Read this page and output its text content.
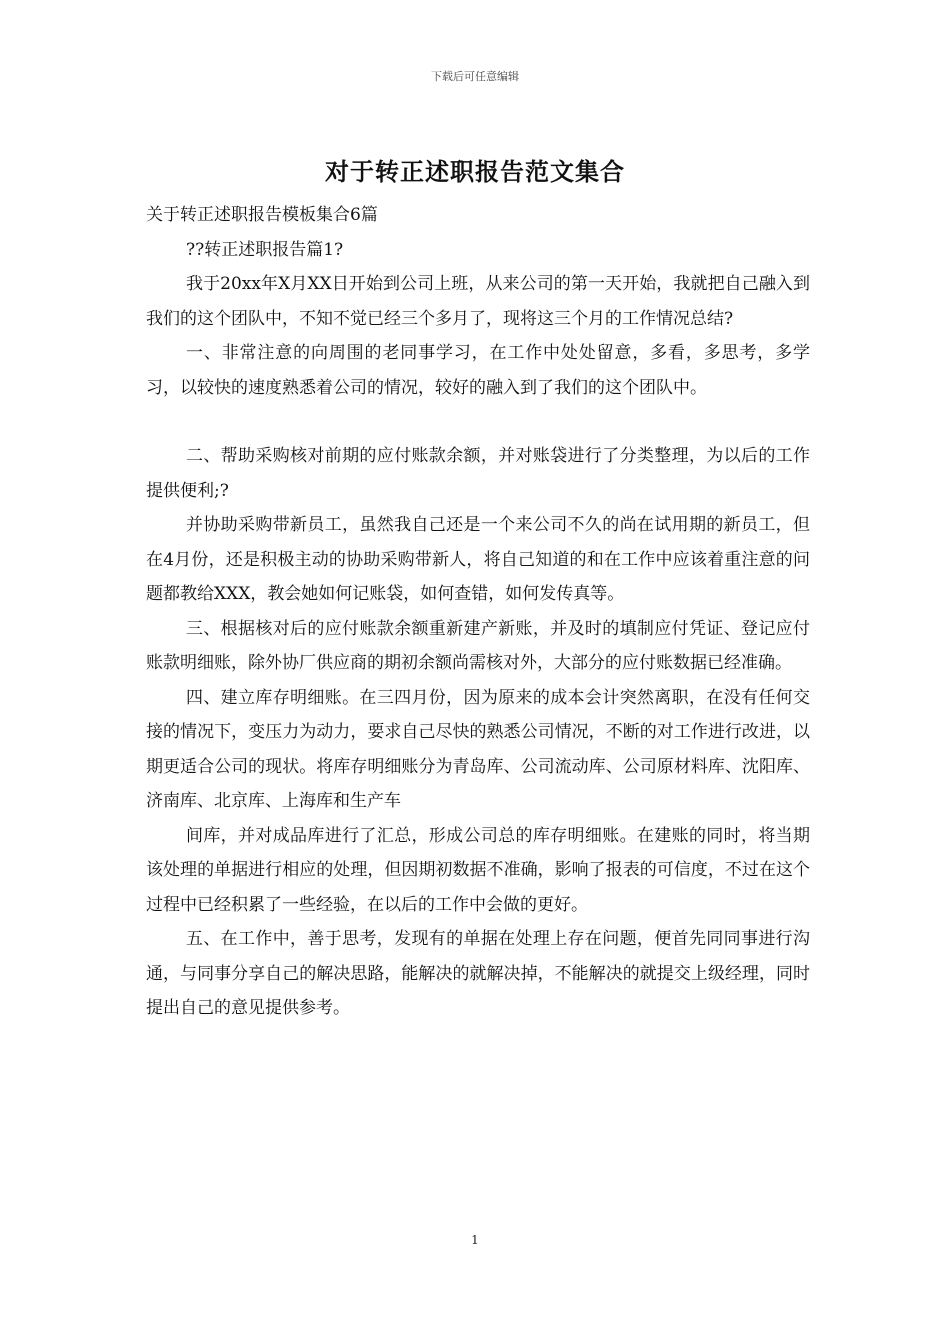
下载后可任意编辑
对于转正述职报告范文集合

关于转正述职报告模板集合6篇

??转正述职报告篇1?

我于20xx年X月XX日开始到公司上班，从来公司的第一天开始，我就把自己融入到我们的这个团队中，不知不觉已经三个多月了，现将这三个月的工作情况总结?

一、非常注意的向周围的老同事学习，在工作中处处留意，多看，多思考，多学习，以较快的速度熟悉着公司的情况，较好的融入到了我们的这个团队中。

二、帮助采购核对前期的应付账款余额，并对账袋进行了分类整理，为以后的工作提供便利;?

并协助采购带新员工，虽然我自己还是一个来公司不久的尚在试用期的新员工，但在4月份，还是积极主动的协助采购带新人，将自己知道的和在工作中应该着重注意的问题都教给XXX，教会她如何记账袋，如何查错，如何发传真等。

三、根据核对后的应付账款余额重新建产新账，并及时的填制应付凭证、登记应付账款明细账，除外协厂供应商的期初余额尚需核对外，大部分的应付账数据已经准确。

四、建立库存明细账。在三四月份，因为原来的成本会计突然离职，在没有任何交接的情况下，变压力为动力，要求自己尽快的熟悉公司情况，不断的对工作进行改进，以期更适合公司的现状。将库存明细账分为青岛库、公司流动库、公司原材料库、沈阳库、济南库、北京库、上海库和生产车

间库，并对成品库进行了汇总，形成公司总的库存明细账。在建账的同时，将当期该处理的单据进行相应的处理，但因期初数据不准确，影响了报表的可信度，不过在这个过程中已经积累了一些经验，在以后的工作中会做的更好。

五、在工作中，善于思考，发现有的单据在处理上存在问题，便首先同同事进行沟通，与同事分享自己的解决思路，能解决的就解决掉，不能解决的就提交上级经理，同时提出自己的意见提供参考。

1
